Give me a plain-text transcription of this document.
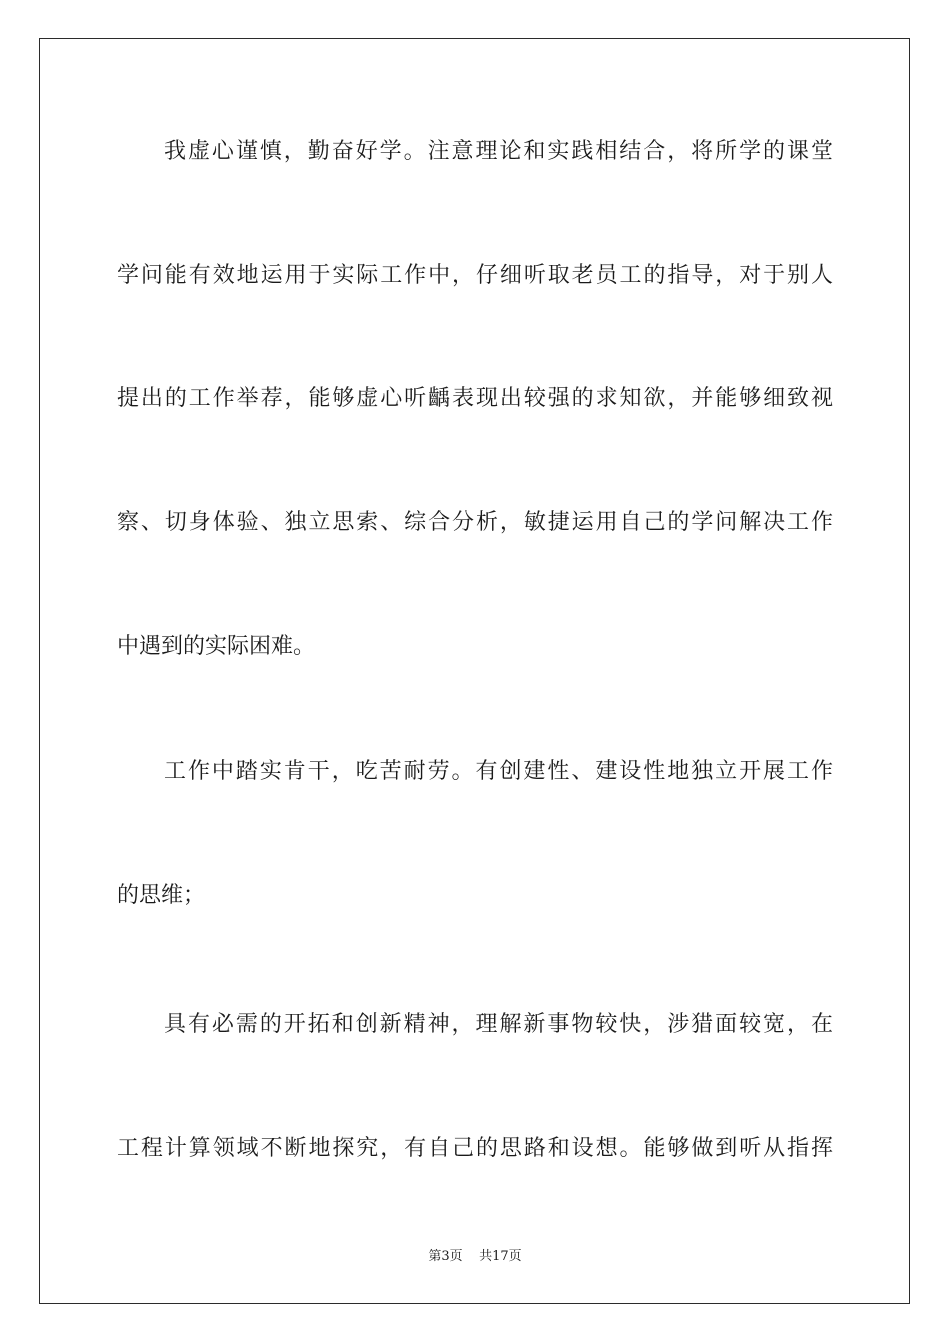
我虚心谨慎，勤奋好学。注意理论和实践相结合，将所学的课堂
学问能有效地运用于实际工作中，仔细听取老员工的指导，对于别人
提出的工作举荐，能够虚心听齲表现出较强的求知欲，并能够细致视
察、切身体验、独立思索、综合分析，敏捷运用自己的学问解决工作
中遇到的实际困难。
工作中踏实肯干，吃苦耐劳。有创建性、建设性地独立开展工作
的思维；
具有必需的开拓和创新精神，理解新事物较快，涉猎面较宽，在
工程计算领域不断地探究，有自己的思路和设想。能够做到听从指挥
第3页    共17页
